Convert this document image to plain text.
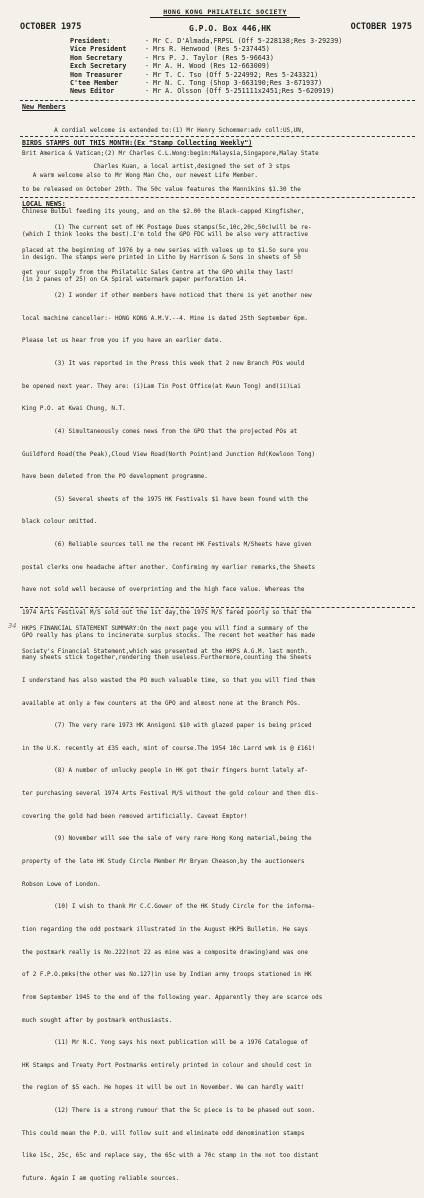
HONG KONG PHILATELIC SOCIETY
OCTOBER 1975	G.P.O. Box 446,HK	OCTOBER 1975
President:	- Mr C. D'Almada,FRPSL (Off 5-228138;Res 3-29239)
Vice President	- Mrs R. Henwood (Res 5-237445)
Hon Secretary	- Mrs P. J. Taylor (Res 5-96643)
Exch Secretary	- Mr A. H. Wood (Res 12-663009)
Hon Treasurer	- Mr T. C. Tso (Off 5-224992; Res 5-243321)
C'tee Member	- Mr N. C. Tong (Shop 3-663190;Res 3-671937)
News Editor	- Mr A. Olsson (Off 5-251111x2451;Res 5-620919)
New Members

A cordial welcome is extended to:(1) Mr Henry Schommer:adv coll:US,UN,

Brit America & Vatican;(2) Mr Charles C.L.Wong:begin:Malaysia,Singapore,Malay State

A warm welcome also to Mr Wong Man Cho, our newest Life Member.

BIRDS STAMPS OUT THIS MONTH:(Ex "Stamp Collecting Weekly")

Charles Kuan, a local artist,designed the set of 3 stps

to be released on October 29th. The 50c value features the Mannikins $1.30 the

Chinese Bulbul feeding its young, and on the $2.00 the Black-capped Kingfisher,

(which I think looks the best).I'm told the GPO FDC will be also very attractive

in design. The stamps were printed in Litho by Harrison & Sons in sheets of 50

(in 2 panes of 25) on CA Spiral watermark paper perforation 14.

LOCAL NEWS:

(1) The current set of HK Postage Dues stamps(5c,10c,20c,50c)will be re-

placed at the beginning of 1976 by a new series with values up to $1.So sure you

get your supply from the Philatelic Sales Centre at the GPO while they last!

(2) I wonder if other members have noticed that there is yet another new

local machine canceller:- HONG KONG A.M.V.--4. Mine is dated 25th September 6pm.

Please let us hear from you if you have an earlier date.

(3) It was reported in the Press this week that 2 new Branch POs would

be opened next year. They are: (i)Lam Tin Post Office(at Kwun Tong) and(ii)Lai

King P.O. at Kwai Chung, N.T.

(4) Simultaneously comes news from the GPO that the projected POs at

Guildford Road(the Peak),Cloud View Road(North Point)and Junction Rd(Kowloon Tong)

have been deleted from the PO development programme.

(5) Several sheets of the 1975 HK Festivals $1 have been found with the

black colour omitted.

(6) Reliable sources tell me the recent HK Festivals M/Sheets have given

postal clerks one headache after another. Confirming my earlier remarks,the Sheets

have not sold well because of overprinting and the high face value. Whereas the

1974 Arts Festival M/S sold out the 1st day,the 1975 M/S fared poorly so that the

GPO really has plans to incinerate surplus stocks. The recent hot weather has made

many sheets stick together,rendering them useless.Furthermore,counting the Sheets

I understand has also wasted the PO much valuable time, so that you will find them

available at only a few counters at the GPO and almost none at the Branch POs.

(7) The very rare 1973 HK Annigoni $10 with glazed paper is being priced

in the U.K. recently at £35 each, mint of course.The 1954 10c Larrd wmk is @ £161!

(8) A number of unlucky people in HK got their fingers burnt lately af-

ter purchasing several 1974 Arts Festival M/S without the gold colour and then dis-

covering the gold had been removed artificially. Caveat Emptor!

(9) November will see the sale of very rare Hong Kong material,being the

property of the late HK Study Circle Member Mr Bryan Cheason,by the auctioneers

Robson Lowe of London.

(10) I wish to thank Mr C.C.Gower of the HK Study Circle for the informa-

tion regarding the odd postmark illustrated in the August HKPS Bulletin. He says

the postmark really is No.222(not 22 as mine was a composite drawing)and was one

of 2 F.P.O.pmks(the other was No.127)in use by Indian army troops stationed in HK

from September 1945 to the end of the following year. Apparently they are scarce ods

much sought after by postmark enthusiasts.

(11) Mr N.C. Yong says his next publication will be a 1976 Catalogue of

HK Stamps and Treaty Port Postmarks entirely printed in colour and should cost in

the region of $5 each. He hopes it will be out in November. We can hardly wait!

(12) There is a strong rumour that the 5c piece is to be phased out soon.

This could mean the P.O. will follow suit and eliminate odd denomination stamps

like 15c, 25c, 65c and replace say, the 65c with a 70c stamp in the not too distant

future. Again I am quoting reliable sources.

HKPS FINANCIAL STATEMENT SUMMARY:On the next page you will find a summary of the

Society's Financial Statement,which was presented at the HKPS A.G.M. last month.

34
